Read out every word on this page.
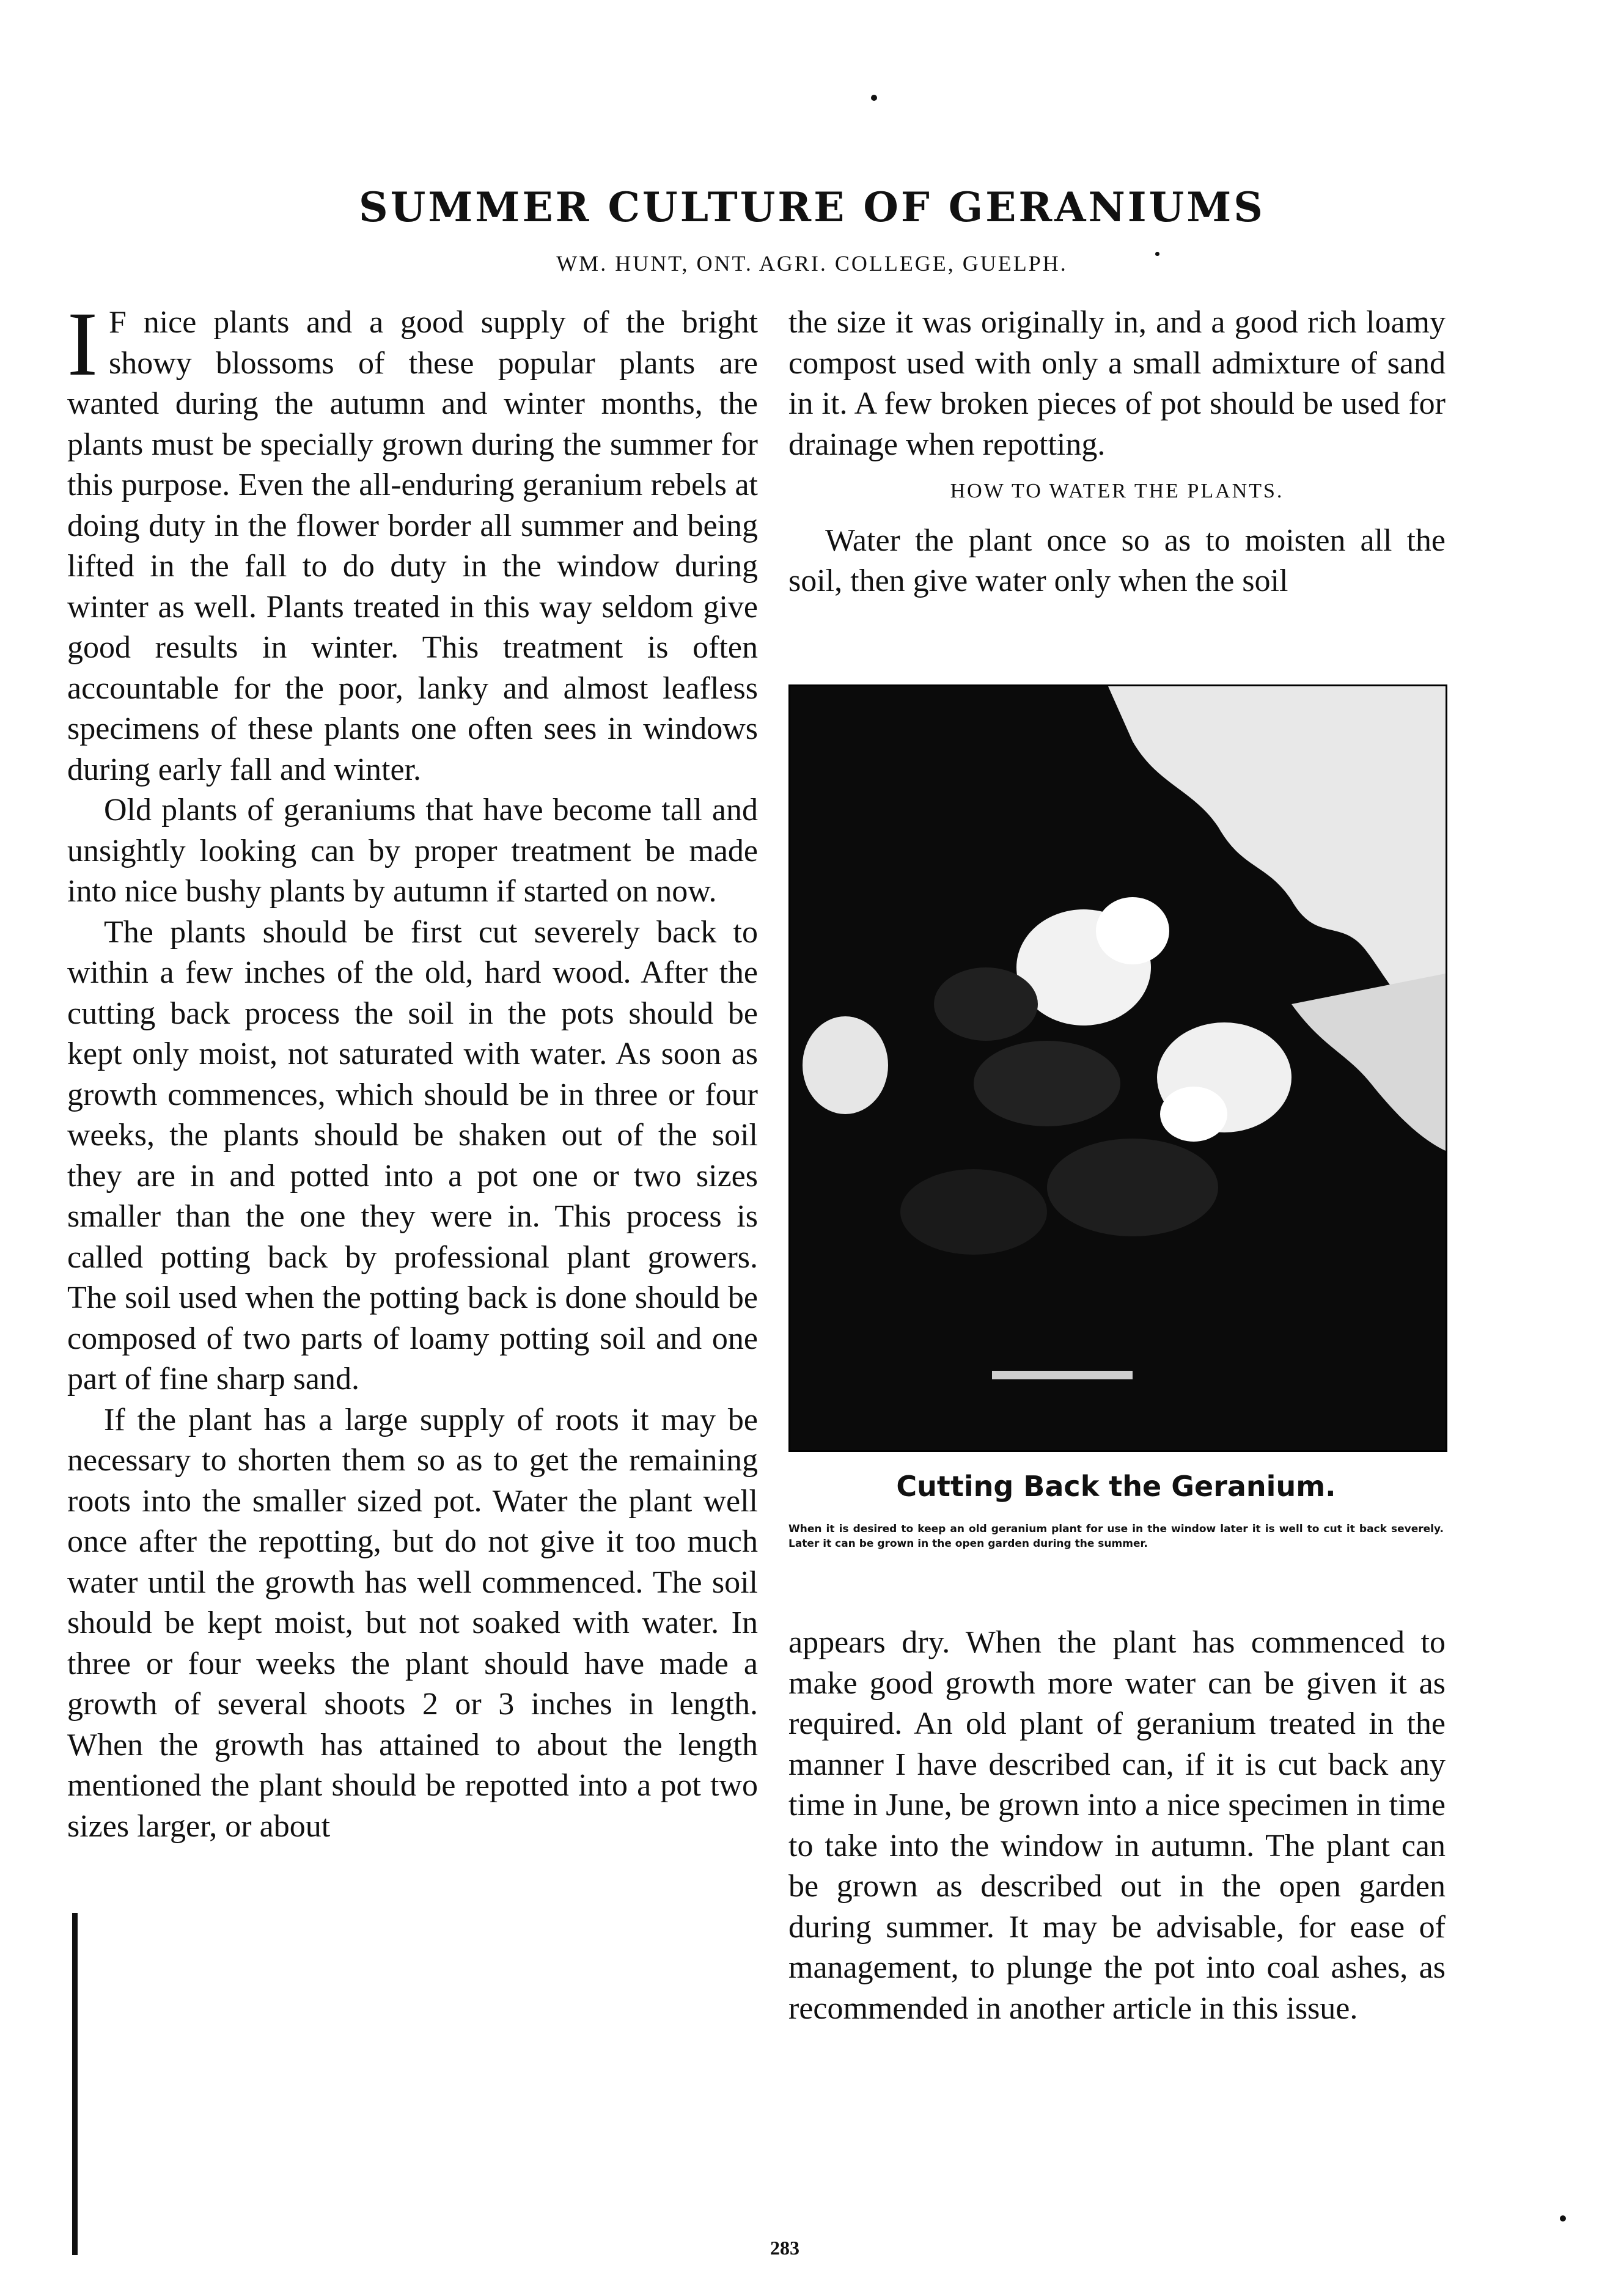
SUMMER CULTURE OF GERANIUMS
WM. HUNT, ONT. AGRI. COLLEGE, GUELPH.

I F nice plants and a good supply of the bright showy blossoms of these popular plants are wanted during the autumn and winter months, the plants must be specially grown during the summer for this purpose. Even the all-enduring geranium rebels at doing duty in the flower border all summer and being lifted in the fall to do duty in the window during winter as well. Plants treated in this way seldom give good results in winter. This treatment is often accountable for the poor, lanky and almost leafless specimens of these plants one often sees in windows during early fall and winter.

Old plants of geraniums that have become tall and unsightly looking can by proper treatment be made into nice bushy plants by autumn if started on now.

The plants should be first cut severely back to within a few inches of the old, hard wood. After the cutting back process the soil in the pots should be kept only moist, not saturated with water. As soon as growth commences, which should be in three or four weeks, the plants should be shaken out of the soil they are in and potted into a pot one or two sizes smaller than the one they were in. This process is called potting back by professional plant growers. The soil used when the potting back is done should be composed of two parts of loamy potting soil and one part of fine sharp sand.

If the plant has a large supply of roots it may be necessary to shorten them so as to get the remaining roots into the smaller sized pot. Water the plant well once after the repotting, but do not give it too much water until the growth has well commenced. The soil should be kept moist, but not soaked with water. In three or four weeks the plant should have made a growth of several shoots 2 or 3 inches in length. When the growth has attained to about the length mentioned the plant should be repotted into a pot two sizes larger, or about

the size it was originally in, and a good rich loamy compost used with only a small admixture of sand in it. A few broken pieces of pot should be used for drainage when repotting.

HOW TO WATER THE PLANTS.

Water the plant once so as to moisten all the soil, then give water only when the soil

Cutting Back the Geranium.
When it is desired to keep an old geranium plant for use in the window later it is well to cut it back severely. Later it can be grown in the open garden during the summer.

appears dry. When the plant has commenced to make good growth more water can be given it as required. An old plant of geranium treated in the manner I have described can, if it is cut back any time in June, be grown into a nice specimen in time to take into the window in autumn. The plant can be grown as described out in the open garden during summer. It may be advisable, for ease of management, to plunge the pot into coal ashes, as recommended in another article in this issue.

283
